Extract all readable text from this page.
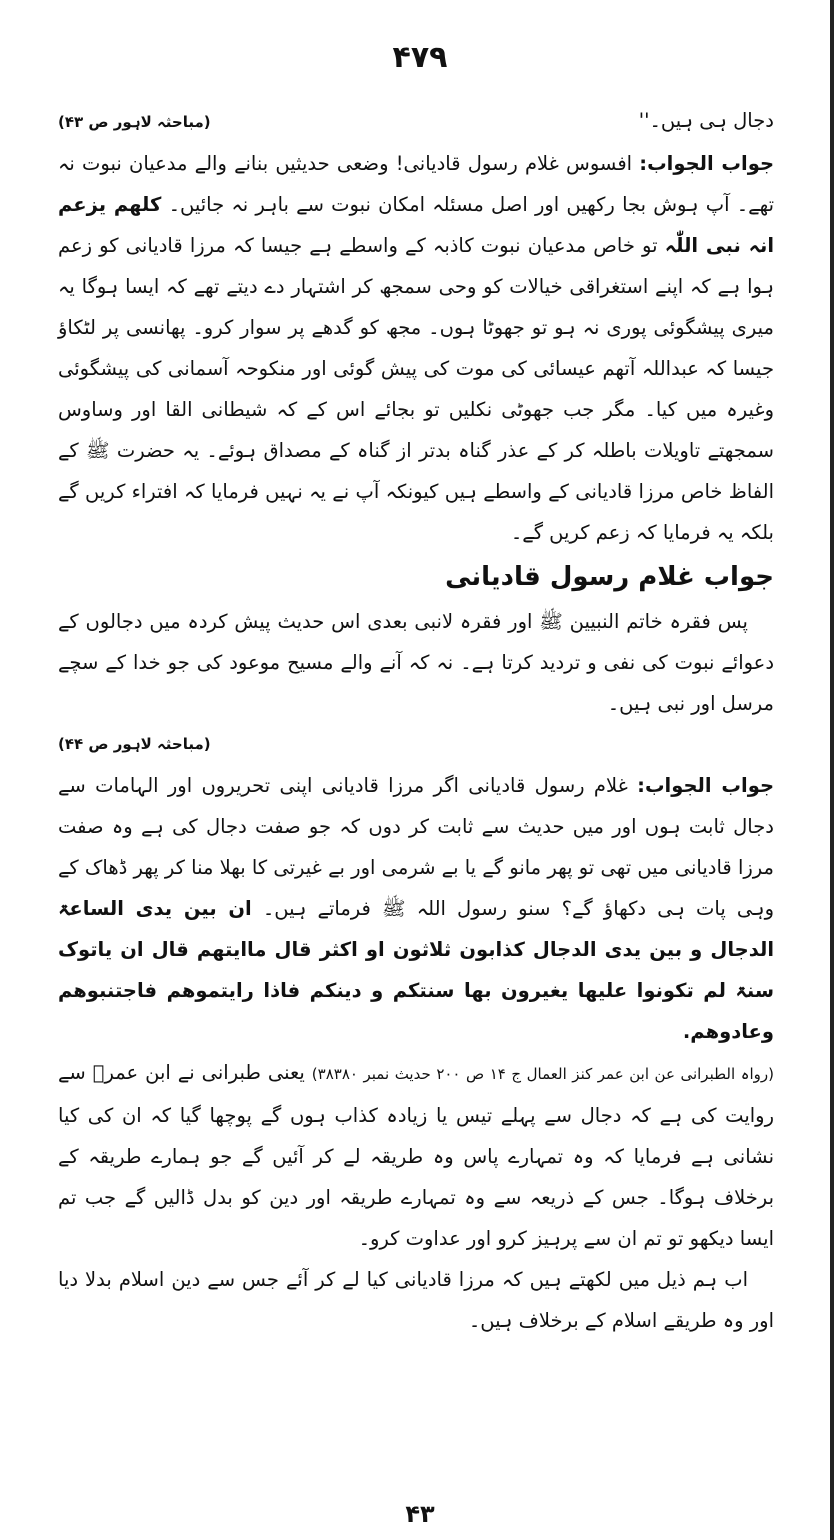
۴۷۹

دجال ہی ہیں۔''
(مباحثہ لاہور ص ۴۳)

جواب الجواب: افسوس غلام رسول قادیانی! وضعی حدیثیں بنانے والے مدعیان نبوت نہ تھے۔ آپ ہوش بجا رکھیں اور اصل مسئلہ امکان نبوت سے باہر نہ جائیں۔ کلھم یزعم انہ نبی اللّٰہ تو خاص مدعیان نبوت کاذبہ کے واسطے ہے جیسا کہ مرزا قادیانی کو زعم ہوا ہے کہ اپنے استغراقی خیالات کو وحی سمجھ کر اشتہار دے دیتے تھے کہ ایسا ہوگا یہ میری پیشگوئی پوری نہ ہو تو جھوٹا ہوں۔ مجھ کو گدھے پر سوار کرو۔ پھانسی پر لٹکاؤ جیسا کہ عبداللہ آتھم عیسائی کی موت کی پیش گوئی اور منکوحہ آسمانی کی پیشگوئی وغیرہ میں کیا۔ مگر جب جھوٹی نکلیں تو بجائے اس کے کہ شیطانی القا اور وساوس سمجھتے تاویلات باطلہ کر کے عذر گناہ بدتر از گناہ کے مصداق ہوئے۔ یہ حضرت ﷺ کے الفاظ خاص مرزا قادیانی کے واسطے ہیں کیونکہ آپ نے یہ نہیں فرمایا کہ افتراء کریں گے بلکہ یہ فرمایا کہ زعم کریں گے۔

جواب غلام رسول قادیانی

پس فقرہ خاتم النبیین ﷺ اور فقرہ لانبی بعدی اس حدیث پیش کردہ میں دجالوں کے دعوائے نبوت کی نفی و تردید کرتا ہے۔ نہ کہ آنے والے مسیح موعود کی جو خدا کے سچے مرسل اور نبی ہیں۔

(مباحثہ لاہور ص ۴۴)

جواب الجواب: غلام رسول قادیانی اگر مرزا قادیانی اپنی تحریروں اور الہامات سے دجال ثابت ہوں اور میں حدیث سے ثابت کر دوں کہ جو صفت دجال کی ہے وہ صفت مرزا قادیانی میں تھی تو پھر مانو گے یا بے شرمی اور بے غیرتی کا بھلا منا کر پھر ڈھاک کے وہی پات ہی دکھاؤ گے؟ سنو رسول اللہ ﷺ فرماتے ہیں۔ ان بین یدی الساعۃ الدجال و بین یدی الدجال کذابون ثلاثون او اکثر قال ماایتھم قال ان یاتوک سنۃ لم تکونوا علیھا یغیرون بھا سنتکم و دینکم فاذا رایتموھم فاجتنبوھم وعادوھم.

(رواہ الطبرانی عن ابن عمر کنز العمال ج ۱۴ ص ۲۰۰ حدیث نمبر ۳۸۳۸۰) یعنی طبرانی نے ابن عمرؓ سے روایت کی ہے کہ دجال سے پہلے تیس یا زیادہ کذاب ہوں گے پوچھا گیا کہ ان کی کیا نشانی ہے فرمایا کہ وہ تمہارے پاس وہ طریقہ لے کر آئیں گے جو ہمارے طریقہ کے برخلاف ہوگا۔ جس کے ذریعہ سے وہ تمہارے طریقہ اور دین کو بدل ڈالیں گے جب تم ایسا دیکھو تو تم ان سے پرہیز کرو اور عداوت کرو۔

اب ہم ذیل میں لکھتے ہیں کہ مرزا قادیانی کیا لے کر آئے جس سے دین اسلام بدلا دیا اور وہ طریقے اسلام کے برخلاف ہیں۔

۴۳
